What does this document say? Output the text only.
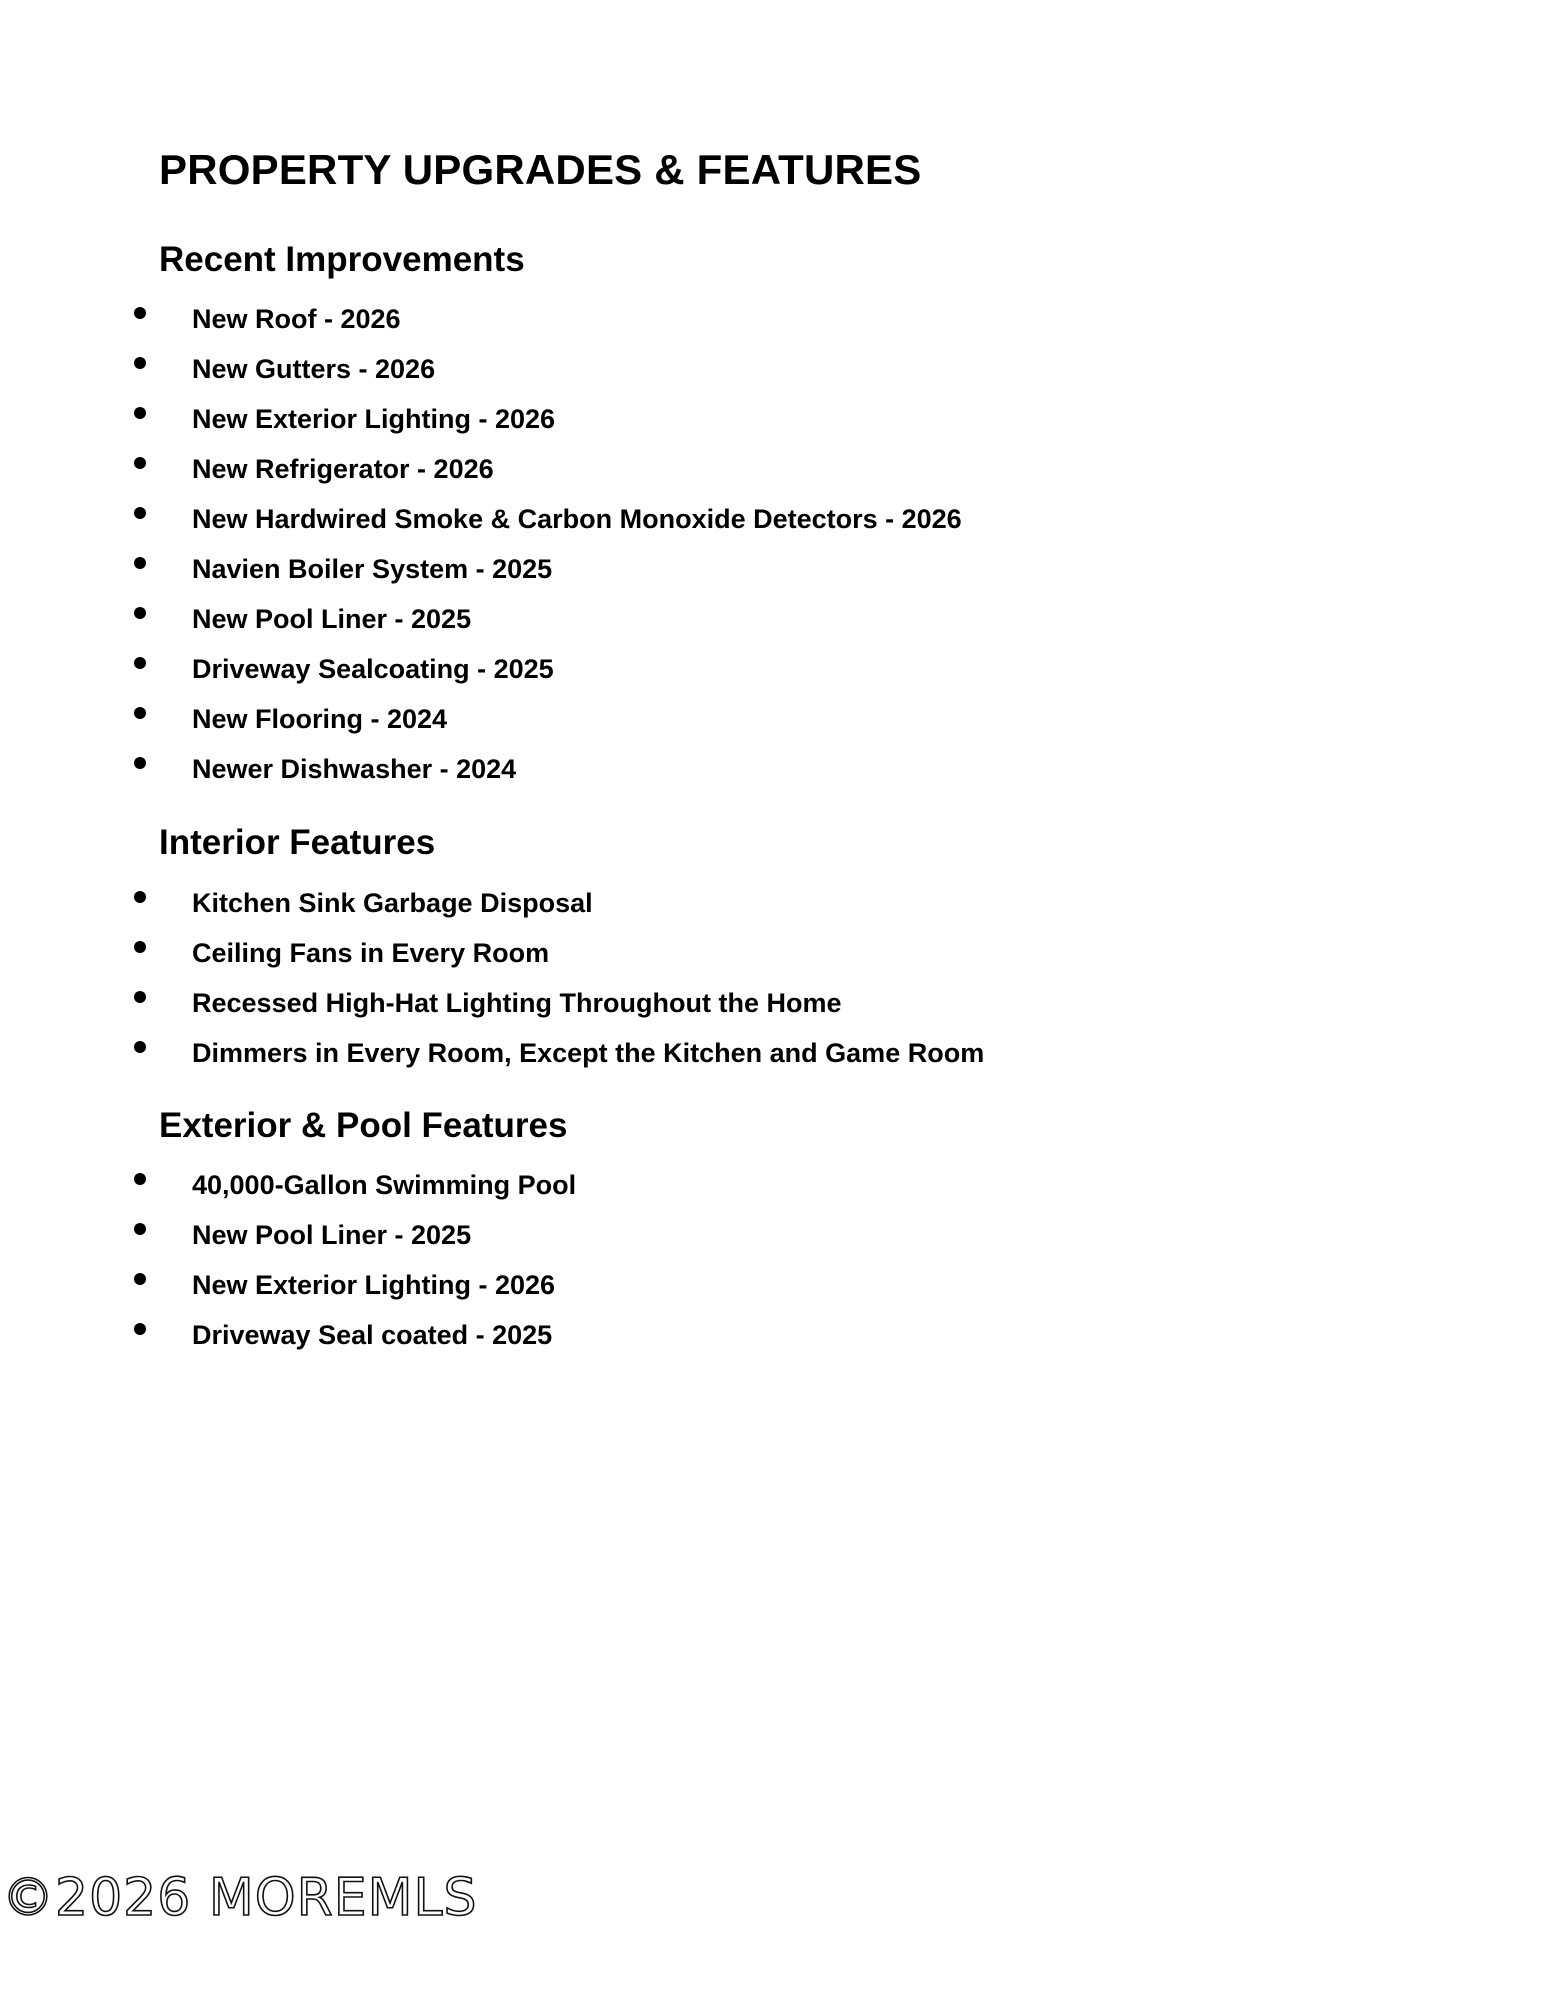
PROPERTY UPGRADES & FEATURES
Recent Improvements
New Roof - 2026
New Gutters - 2026
New Exterior Lighting - 2026
New Refrigerator - 2026
New Hardwired Smoke & Carbon Monoxide Detectors - 2026
Navien Boiler System - 2025
New Pool Liner - 2025
Driveway Sealcoating - 2025
New Flooring - 2024
Newer Dishwasher - 2024
Interior Features
Kitchen Sink Garbage Disposal
Ceiling Fans in Every Room
Recessed High-Hat Lighting Throughout the Home
Dimmers in Every Room, Except the Kitchen and Game Room
Exterior & Pool Features
40,000-Gallon Swimming Pool
New Pool Liner - 2025
New Exterior Lighting - 2026
Driveway Seal coated - 2025
©2026 MOREMLS
